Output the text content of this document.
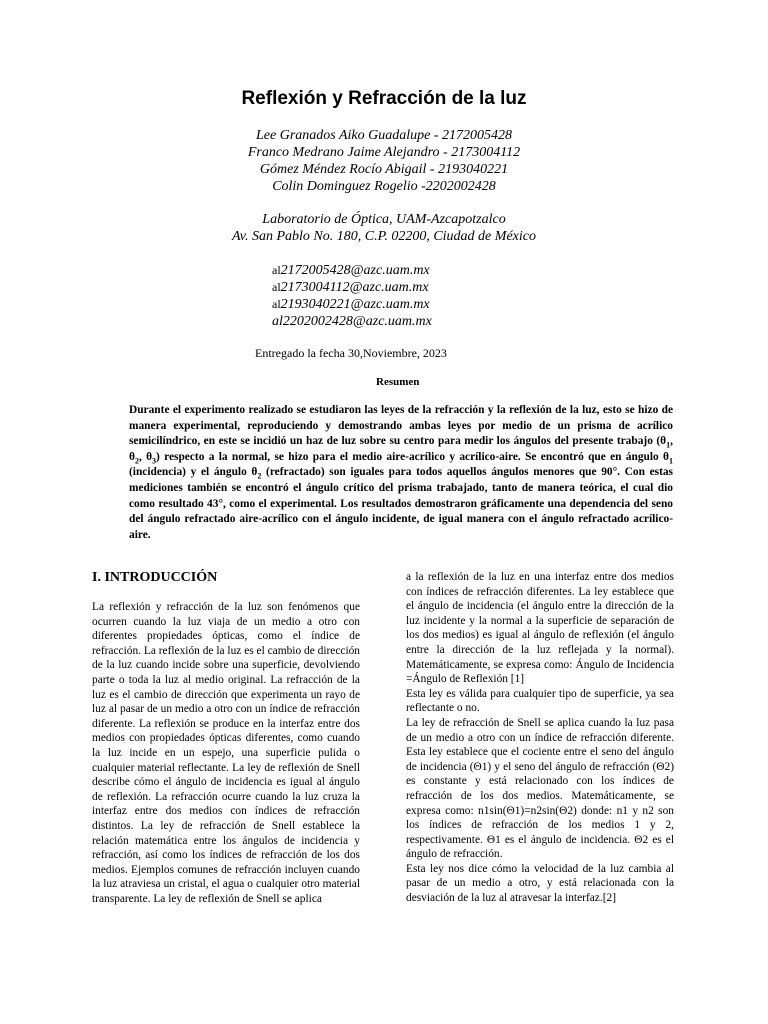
Reflexión y Refracción de la luz
Lee Granados Aiko Guadalupe - 2172005428
Franco Medrano Jaime Alejandro - 2173004112
Gómez Méndez Rocío Abigail - 2193040221
Colin Dominguez Rogelio -2202002428
Laboratorio de Óptica, UAM-Azcapotzalco
Av. San Pablo No. 180, C.P. 02200, Ciudad de México
al2172005428@azc.uam.mx
al2173004112@azc.uam.mx
al2193040221@azc.uam.mx
al2202002428@azc.uam.mx
Entregado la fecha 30,Noviembre, 2023
Resumen
Durante el experimento realizado se estudiaron las leyes de la refracción y la reflexión de la luz, esto se hizo de manera experimental, reproduciendo y demostrando ambas leyes por medio de un prisma de acrílico semicilíndrico, en este se incidió un haz de luz sobre su centro para medir los ángulos del presente trabajo ($\theta_1$, $\theta_2$, $\theta_3$) respecto a la normal, se hizo para el medio aire-acrílico y acrílico-aire. Se encontró que en ángulo $\theta_1$ (incidencia) y el ángulo $\theta_2$ (refractado) son iguales para todos aquellos ángulos menores que 90°. Con estas mediciones también se encontró el ángulo crítico del prisma trabajado, tanto de manera teórica, el cual dio como resultado 43°, como el experimental. Los resultados demostraron gráficamente una dependencia del seno del ángulo refractado aire-acrílico con el ángulo incidente, de igual manera con el ángulo refractado acrílico-aire.
I. INTRODUCCIÓN
La reflexión y refracción de la luz son fenómenos que ocurren cuando la luz viaja de un medio a otro con diferentes propiedades ópticas, como el índice de refracción. La reflexión de la luz es el cambio de dirección de la luz cuando incide sobre una superficie, devolviendo parte o toda la luz al medio original. La refracción de la luz es el cambio de dirección que experimenta un rayo de luz al pasar de un medio a otro con un índice de refracción diferente. La reflexión se produce en la interfaz entre dos medios con propiedades ópticas diferentes, como cuando la luz incide en un espejo, una superficie pulida o cualquier material reflectante. La ley de reflexión de Snell describe cómo el ángulo de incidencia es igual al ángulo de reflexión. La refracción ocurre cuando la luz cruza la interfaz entre dos medios con índices de refracción distintos. La ley de refracción de Snell establece la relación matemática entre los ángulos de incidencia y refracción, así como los índices de refracción de los dos medios. Ejemplos comunes de refracción incluyen cuando la luz atraviesa un cristal, el agua o cualquier otro material transparente. La ley de reflexión de Snell se aplica

a la reflexión de la luz en una interfaz entre dos medios con índices de refracción diferentes. La ley establece que el ángulo de incidencia (el ángulo entre la dirección de la luz incidente y la normal a la superficie de separación de los dos medios) es igual al ángulo de reflexión (el ángulo entre la dirección de la luz reflejada y la normal). Matemáticamente, se expresa como: Ángulo de Incidencia =Ángulo de Reflexión [1]

Esta ley es válida para cualquier tipo de superficie, ya sea reflectante o no.

La ley de refracción de Snell se aplica cuando la luz pasa de un medio a otro con un índice de refracción diferente. Esta ley establece que el cociente entre el seno del ángulo de incidencia (Θ1) y el seno del ángulo de refracción (Θ2) es constante y está relacionado con los índices de refracción de los dos medios. Matemáticamente, se expresa como: n1sin(Θ1)=n2sin(Θ2) donde: n1 y n2 son los índices de refracción de los medios 1 y 2, respectivamente. Θ1 es el ángulo de incidencia. Θ2 es el ángulo de refracción.

Esta ley nos dice cómo la velocidad de la luz cambia al pasar de un medio a otro, y está relacionada con la desviación de la luz al atravesar la interfaz.[2]
